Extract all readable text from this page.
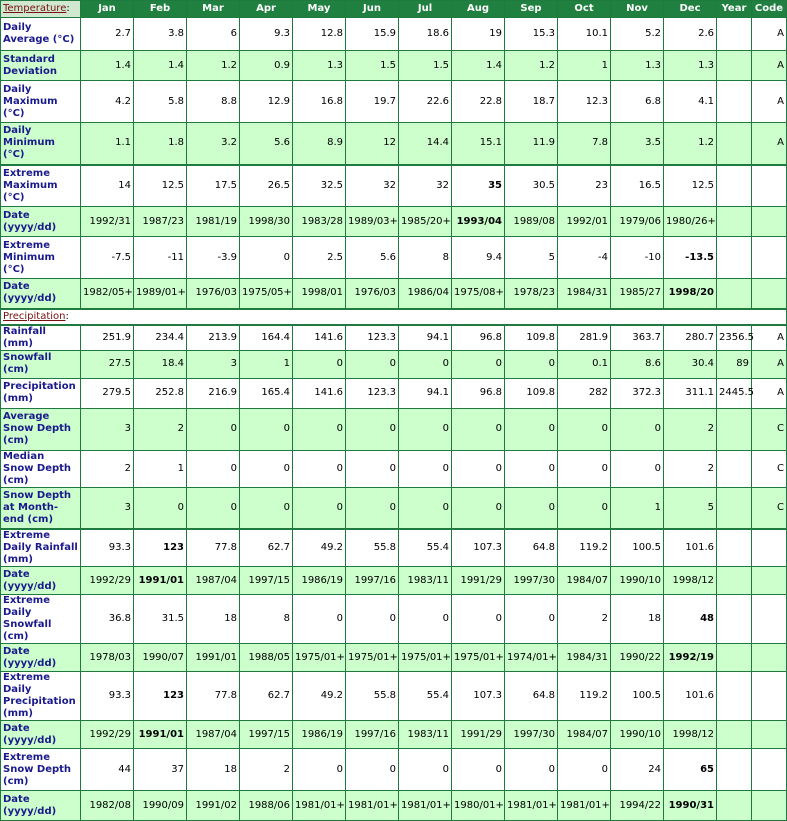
Temperature:	Jan	Feb	Mar	Apr	May	Jun	Jul	Aug	Sep	Oct	Nov	Dec	Year	Code
Daily Average (°C)	2.7	3.8	6	9.3	12.8	15.9	18.6	19	15.3	10.1	5.2	2.6		A
Standard Deviation	1.4	1.4	1.2	0.9	1.3	1.5	1.5	1.4	1.2	1	1.3	1.3		A
Daily Maximum (°C)	4.2	5.8	8.8	12.9	16.8	19.7	22.6	22.8	18.7	12.3	6.8	4.1		A
Daily Minimum (°C)	1.1	1.8	3.2	5.6	8.9	12	14.4	15.1	11.9	7.8	3.5	1.2		A
Extreme Maximum (°C)	14	12.5	17.5	26.5	32.5	32	32	35	30.5	23	16.5	12.5		
Date (yyyy/dd)	1992/31	1987/23	1981/19	1998/30	1983/28	1989/03+	1985/20+	1993/04	1989/08	1992/01	1979/06	1980/26+		
Extreme Minimum (°C)	-7.5	-11	-3.9	0	2.5	5.6	8	9.4	5	-4	-10	-13.5		
Date (yyyy/dd)	1982/05+	1989/01+	1976/03	1975/05+	1998/01	1976/03	1986/04	1975/08+	1978/23	1984/31	1985/27	1998/20		
Precipitation:														
Rainfall (mm)	251.9	234.4	213.9	164.4	141.6	123.3	94.1	96.8	109.8	281.9	363.7	280.7	2356.5	A
Snowfall (cm)	27.5	18.4	3	1	0	0	0	0	0	0.1	8.6	30.4	89	A
Precipitation (mm)	279.5	252.8	216.9	165.4	141.6	123.3	94.1	96.8	109.8	282	372.3	311.1	2445.5	A
Average Snow Depth (cm)	3	2	0	0	0	0	0	0	0	0	0	2		C
Median Snow Depth (cm)	2	1	0	0	0	0	0	0	0	0	0	2		C
Snow Depth at Month-end (cm)	3	0	0	0	0	0	0	0	0	0	1	5		C
Extreme Daily Rainfall (mm)	93.3	123	77.8	62.7	49.2	55.8	55.4	107.3	64.8	119.2	100.5	101.6		
Date (yyyy/dd)	1992/29	1991/01	1987/04	1997/15	1986/19	1997/16	1983/11	1991/29	1997/30	1984/07	1990/10	1998/12		
Extreme Daily Snowfall (cm)	36.8	31.5	18	8	0	0	0	0	0	2	18	48		
Date (yyyy/dd)	1978/03	1990/07	1991/01	1988/05	1975/01+	1975/01+	1975/01+	1975/01+	1974/01+	1984/31	1990/22	1992/19		
Extreme Daily Precipitation (mm)	93.3	123	77.8	62.7	49.2	55.8	55.4	107.3	64.8	119.2	100.5	101.6		
Date (yyyy/dd)	1992/29	1991/01	1987/04	1997/15	1986/19	1997/16	1983/11	1991/29	1997/30	1984/07	1990/10	1998/12		
Extreme Snow Depth (cm)	44	37	18	2	0	0	0	0	0	0	24	65		
Date (yyyy/dd)	1982/08	1990/09	1991/02	1988/06	1981/01+	1981/01+	1981/01+	1980/01+	1981/01+	1981/01+	1994/22	1990/31		
